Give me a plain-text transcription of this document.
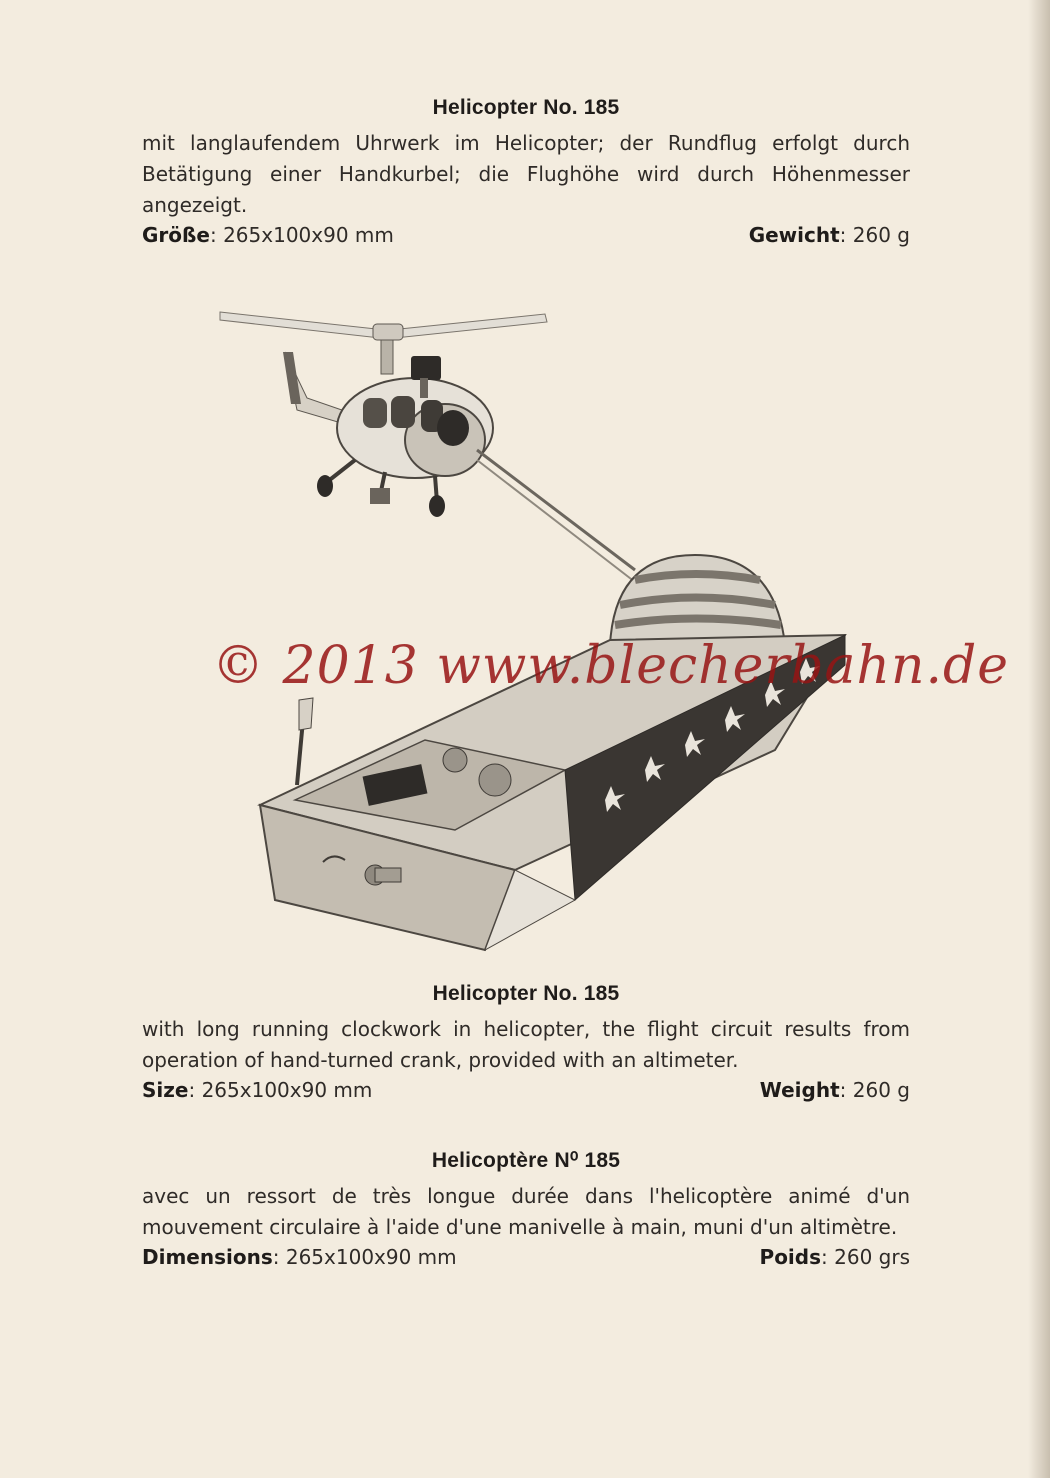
Helicopter No. 185
mit langlaufendem Uhrwerk im Helicopter; der Rundflug erfolgt durch Betätigung einer Handkurbel; die Flughöhe wird durch Höhenmesser angezeigt.
Größe: 265x100x90 mm	Gewicht: 260 g
© 2013 www.blecherbahn.de
Helicopter No. 185
with long running clockwork in helicopter, the flight circuit results from operation of hand-turned crank, provided with an altimeter.
Size: 265x100x90 mm	Weight: 260 g
Helicoptère N⁰ 185
avec un ressort de très longue durée dans l'helicoptère animé d'un mouvement circulaire à l'aide d'une manivelle à main, muni d'un altimètre.
Dimensions: 265x100x90 mm	Poids: 260 grs
